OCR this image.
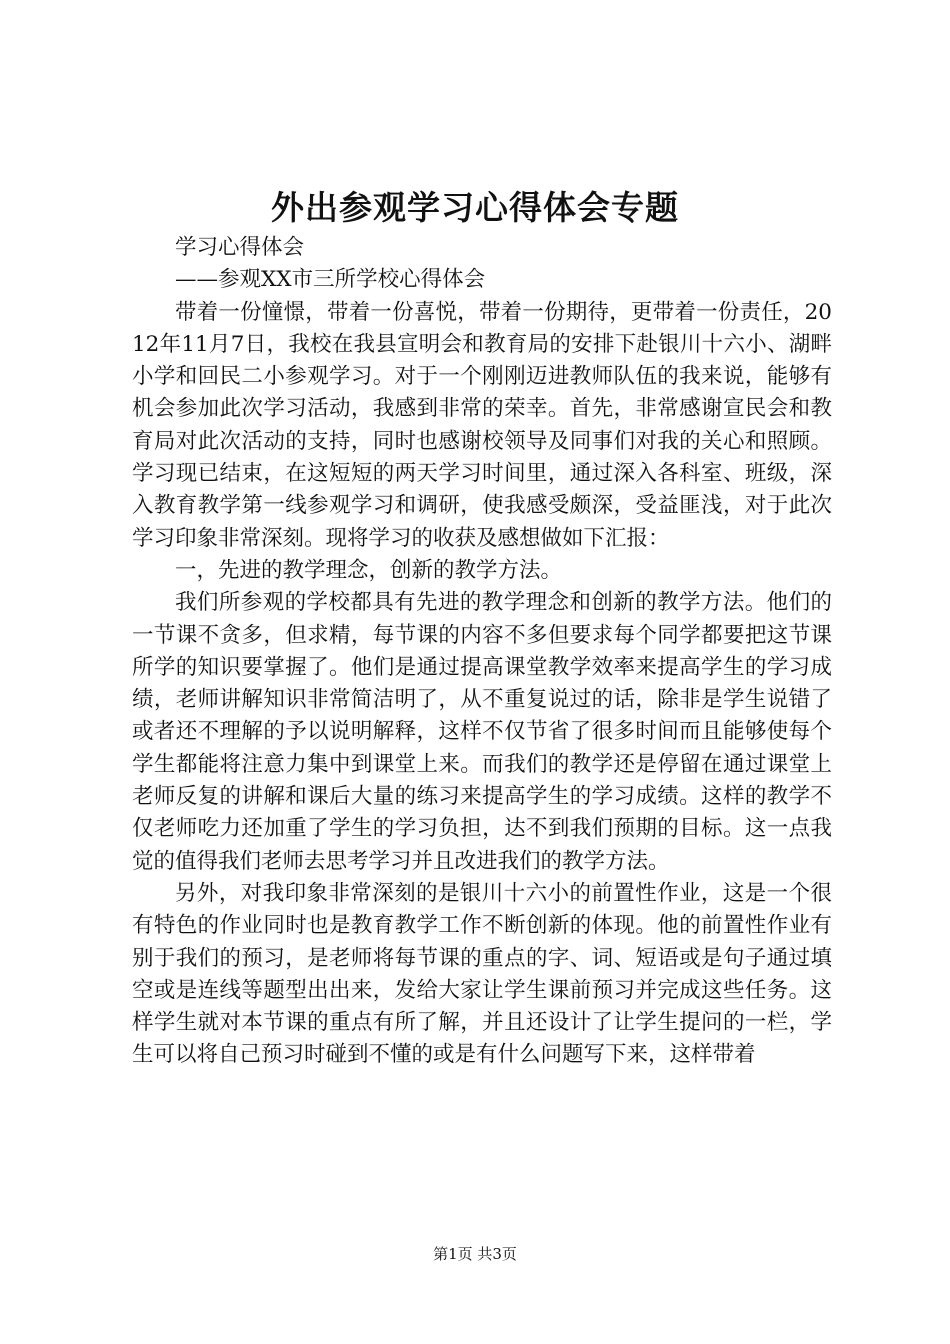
外出参观学习心得体会专题

学习心得体会

——参观XX市三所学校心得体会

带着一份憧憬，带着一份喜悦，带着一份期待，更带着一份责任，2012年11月7日，我校在我县宣明会和教育局的安排下赴银川十六小、湖畔小学和回民二小参观学习。对于一个刚刚迈进教师队伍的我来说，能够有机会参加此次学习活动，我感到非常的荣幸。首先，非常感谢宣民会和教育局对此次活动的支持，同时也感谢校领导及同事们对我的关心和照顾。学习现已结束，在这短短的两天学习时间里，通过深入各科室、班级，深入教育教学第一线参观学习和调研，使我感受颇深，受益匪浅，对于此次学习印象非常深刻。现将学习的收获及感想做如下汇报：

一，先进的教学理念，创新的教学方法。

我们所参观的学校都具有先进的教学理念和创新的教学方法。他们的一节课不贪多，但求精，每节课的内容不多但要求每个同学都要把这节课所学的知识要掌握了。他们是通过提高课堂教学效率来提高学生的学习成绩，老师讲解知识非常简洁明了，从不重复说过的话，除非是学生说错了或者还不理解的予以说明解释，这样不仅节省了很多时间而且能够使每个学生都能将注意力集中到课堂上来。而我们的教学还是停留在通过课堂上老师反复的讲解和课后大量的练习来提高学生的学习成绩。这样的教学不仅老师吃力还加重了学生的学习负担，达不到我们预期的目标。这一点我觉的值得我们老师去思考学习并且改进我们的教学方法。

另外，对我印象非常深刻的是银川十六小的前置性作业，这是一个很有特色的作业同时也是教育教学工作不断创新的体现。他的前置性作业有别于我们的预习，是老师将每节课的重点的字、词、短语或是句子通过填空或是连线等题型出出来，发给大家让学生课前预习并完成这些任务。这样学生就对本节课的重点有所了解，并且还设计了让学生提问的一栏，学生可以将自己预习时碰到不懂的或是有什么问题写下来，这样带着

第1页 共3页
